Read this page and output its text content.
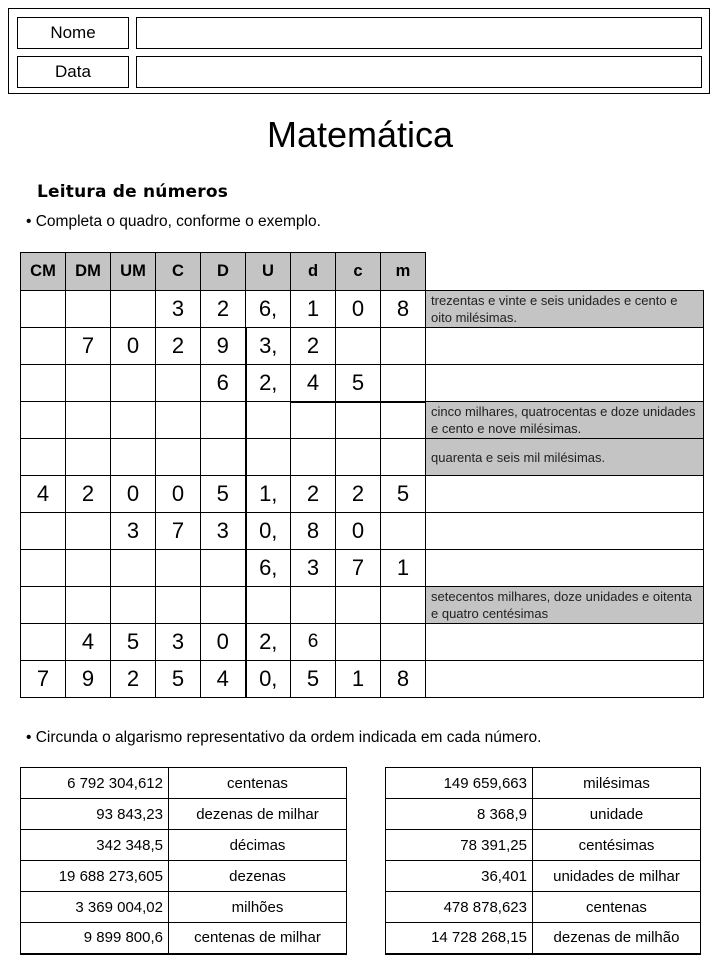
Nome
Data
Matemática
Leitura de números
• Completa o quadro, conforme o exemplo.
CM	DM	UM	C	D	U	d	c	m	
			3	2	6,	1	0	8	trezentas e vinte e seis unidades e cento e oito milésimas.
	7	0	2	9	3,	2			
				6	2,	4	5		
									cinco milhares, quatrocentas e doze unidades e cento e nove milésimas.
									quarenta e seis mil milésimas.
4	2	0	0	5	1,	2	2	5	
		3	7	3	0,	8	0		
					6,	3	7	1	
									setecentos milhares, doze unidades e oitenta e quatro centésimas
	4	5	3	0	2,	6			
7	9	2	5	4	0,	5	1	8	
• Circunda o algarismo representativo da ordem indicada em cada número.
6 792 304,612	centenas
93 843,23	dezenas de milhar
342 348,5	décimas
19 688 273,605	dezenas
3 369 004,02	milhões
9 899 800,6	centenas de milhar
149 659,663	milésimas
8 368,9	unidade
78 391,25	centésimas
36,401	unidades de milhar
478 878,623	centenas
14 728 268,15	dezenas de milhão
